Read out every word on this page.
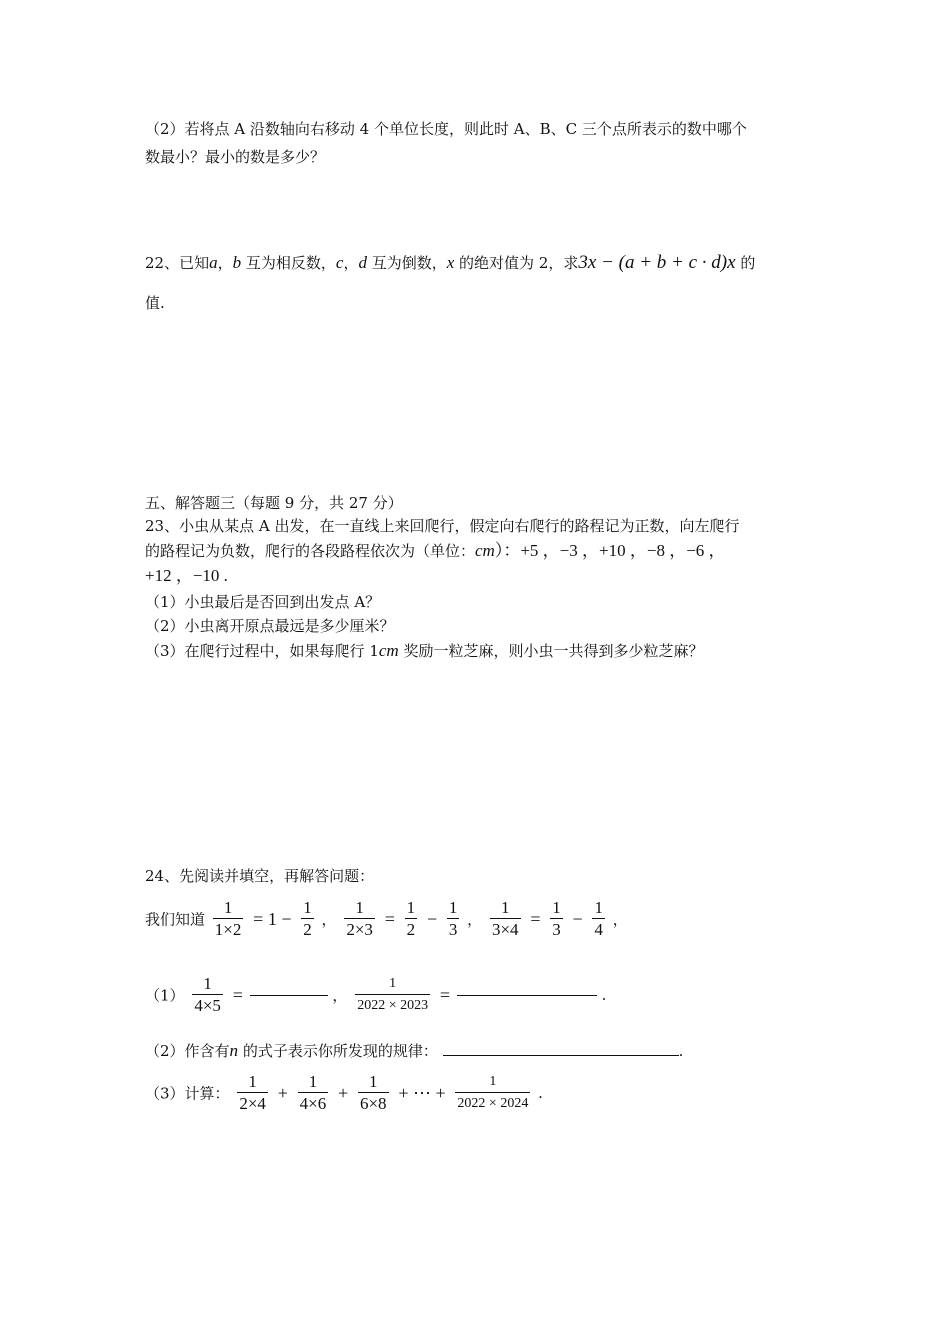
（2）若将点 A 沿数轴向右移动 4 个单位长度，则此时 A、B、C 三个点所表示的数中哪个
数最小？最小的数是多少？
22、已知a，b 互为相反数，c，d 互为倒数，x 的绝对值为 2，求3x − (a + b + c · d)x 的
值.
五、解答题三（每题 9 分，共 27 分）
23、小虫从某点 A 出发，在一直线上来回爬行，假定向右爬行的路程记为正数，向左爬行
的路程记为负数，爬行的各段路程依次为（单位：cm）：+5 ，−3 ，+10 ，−8 ，−6 ，
+12 ，−10 .
（1）小虫最后是否回到出发点 A？
（2）小虫离开原点最远是多少厘米？
（3）在爬行过程中，如果每爬行 1cm 奖励一粒芝麻，则小虫一共得到多少粒芝麻？
24、先阅读并填空，再解答问题：
我们知道 $\frac{1}{1\times 2} = 1 - \frac{1}{2}$ ， $\frac{1}{2\times 3} = \frac{1}{2} - \frac{1}{3}$ ， $\frac{1}{3\times 4} = \frac{1}{3} - \frac{1}{4}$ ，
$(1) \frac{1}{4\times 5}$ =	， $\frac{1}{2022 \times 2023}$ =	.
（2）作含有n 的式子表示你所发现的规律：	.
（3）计算： $\frac{1}{2\times 4} + \frac{1}{4\times 6} + \frac{1}{6\times 8}$ + ⋯ + $\frac{1}{2022 \times 2024}$ .
